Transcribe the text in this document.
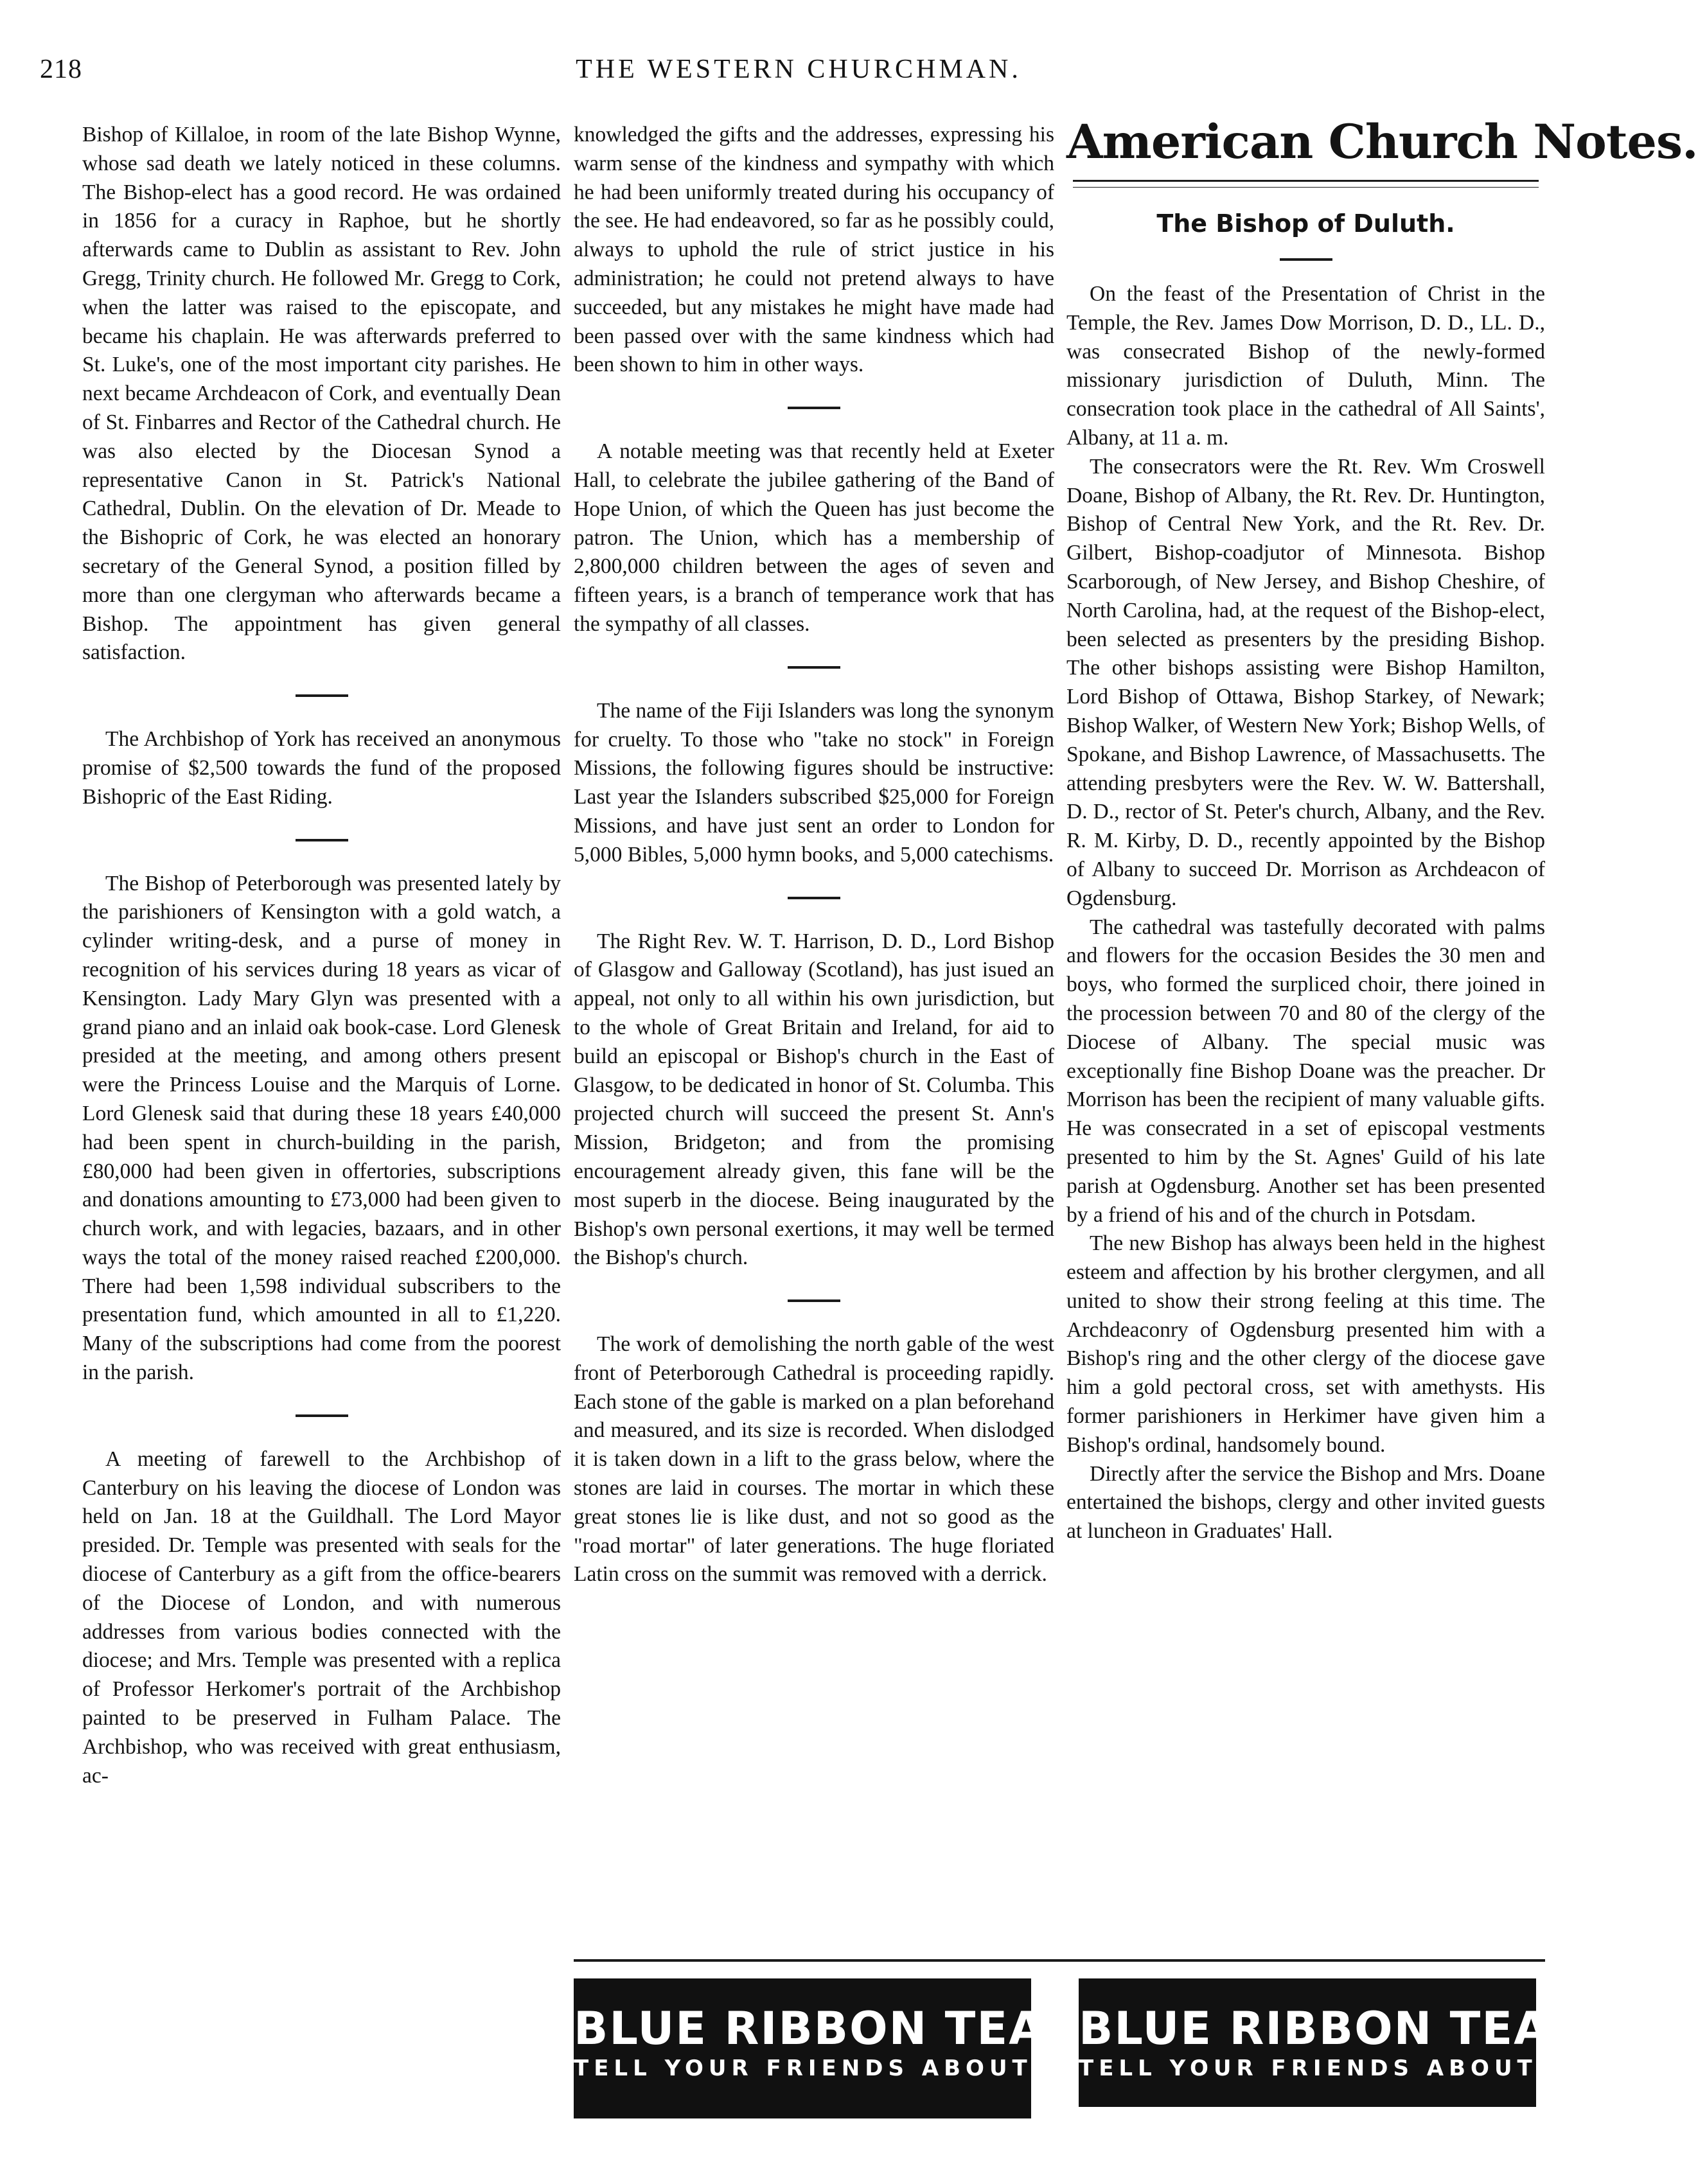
218	THE WESTERN CHURCHMAN.

Bishop of Killaloe, in room of the late Bishop Wynne, whose sad death we lately noticed in these columns. The Bishop-elect has a good record. He was ordained in 1856 for a curacy in Raphoe, but he shortly afterwards came to Dublin as assistant to Rev. John Gregg, Trinity church. He followed Mr. Gregg to Cork, when the latter was raised to the episcopate, and became his chaplain. He was afterwards preferred to St. Luke's, one of the most important city parishes. He next became Archdeacon of Cork, and eventually Dean of St. Finbarres and Rector of the Cathedral church. He was also elected by the Diocesan Synod a representative Canon in St. Patrick's National Cathedral, Dublin. On the elevation of Dr. Meade to the Bishopric of Cork, he was elected an honorary secretary of the General Synod, a position filled by more than one clergyman who afterwards became a Bishop. The appointment has given general satisfaction.

The Archbishop of York has received an anonymous promise of $2,500 towards the fund of the proposed Bishopric of the East Riding.

The Bishop of Peterborough was presented lately by the parishioners of Kensington with a gold watch, a cylinder writing-desk, and a purse of money in recognition of his services during 18 years as vicar of Kensington. Lady Mary Glyn was presented with a grand piano and an inlaid oak book-case. Lord Glenesk presided at the meeting, and among others present were the Princess Louise and the Marquis of Lorne. Lord Glenesk said that during these 18 years £40,000 had been spent in church-building in the parish, £80,000 had been given in offertories, subscriptions and donations amounting to £73,000 had been given to church work, and with legacies, bazaars, and in other ways the total of the money raised reached £200,000. There had been 1,598 individual subscribers to the presentation fund, which amounted in all to £1,220. Many of the subscriptions had come from the poorest in the parish.

A meeting of farewell to the Archbishop of Canterbury on his leaving the diocese of London was held on Jan. 18 at the Guildhall. The Lord Mayor presided. Dr. Temple was presented with seals for the diocese of Canterbury as a gift from the office-bearers of the Diocese of London, and with numerous addresses from various bodies connected with the diocese; and Mrs. Temple was presented with a replica of Professor Herkomer's portrait of the Archbishop painted to be preserved in Fulham Palace. The Archbishop, who was received with great enthusiasm, ac-

knowledged the gifts and the addresses, expressing his warm sense of the kindness and sympathy with which he had been uniformly treated during his occupancy of the see. He had endeavored, so far as he possibly could, always to uphold the rule of strict justice in his administration; he could not pretend always to have succeeded, but any mistakes he might have made had been passed over with the same kindness which had been shown to him in other ways.

A notable meeting was that recently held at Exeter Hall, to celebrate the jubilee gathering of the Band of Hope Union, of which the Queen has just become the patron. The Union, which has a membership of 2,800,000 children between the ages of seven and fifteen years, is a branch of temperance work that has the sympathy of all classes.

The name of the Fiji Islanders was long the synonym for cruelty. To those who "take no stock" in Foreign Missions, the following figures should be instructive: Last year the Islanders subscribed $25,000 for Foreign Missions, and have just sent an order to London for 5,000 Bibles, 5,000 hymn books, and 5,000 catechisms.

The Right Rev. W. T. Harrison, D. D., Lord Bishop of Glasgow and Galloway (Scotland), has just isued an appeal, not only to all within his own jurisdiction, but to the whole of Great Britain and Ireland, for aid to build an episcopal or Bishop's church in the East of Glasgow, to be dedicated in honor of St. Columba. This projected church will succeed the present St. Ann's Mission, Bridgeton; and from the promising encouragement already given, this fane will be the most superb in the diocese. Being inaugurated by the Bishop's own personal exertions, it may well be termed the Bishop's church.

The work of demolishing the north gable of the west front of Peterborough Cathedral is proceeding rapidly. Each stone of the gable is marked on a plan beforehand and measured, and its size is recorded. When dislodged it is taken down in a lift to the grass below, where the stones are laid in courses. The mortar in which these great stones lie is like dust, and not so good as the "road mortar" of later generations. The huge floriated Latin cross on the summit was removed with a derrick.

American Church Notes.
The Bishop of Duluth.

On the feast of the Presentation of Christ in the Temple, the Rev. James Dow Morrison, D. D., LL. D., was consecrated Bishop of the newly-formed missionary jurisdiction of Duluth, Minn. The consecration took place in the cathedral of All Saints', Albany, at 11 a. m.

The consecrators were the Rt. Rev. Wm Croswell Doane, Bishop of Albany, the Rt. Rev. Dr. Huntington, Bishop of Central New York, and the Rt. Rev. Dr. Gilbert, Bishop-coadjutor of Minnesota. Bishop Scarborough, of New Jersey, and Bishop Cheshire, of North Carolina, had, at the request of the Bishop-elect, been selected as presenters by the presiding Bishop. The other bishops assisting were Bishop Hamilton, Lord Bishop of Ottawa, Bishop Starkey, of Newark; Bishop Walker, of Western New York; Bishop Wells, of Spokane, and Bishop Lawrence, of Massachusetts. The attending presbyters were the Rev. W. W. Battershall, D. D., rector of St. Peter's church, Albany, and the Rev. R. M. Kirby, D. D., recently appointed by the Bishop of Albany to succeed Dr. Morrison as Archdeacon of Ogdensburg.

The cathedral was tastefully decorated with palms and flowers for the occasion Besides the 30 men and boys, who formed the surpliced choir, there joined in the procession between 70 and 80 of the clergy of the Diocese of Albany. The special music was exceptionally fine Bishop Doane was the preacher. Dr Morrison has been the recipient of many valuable gifts. He was consecrated in a set of episcopal vestments presented to him by the St. Agnes' Guild of his late parish at Ogdensburg. Another set has been presented by a friend of his and of the church in Potsdam.

The new Bishop has always been held in the highest esteem and affection by his brother clergymen, and all united to show their strong feeling at this time. The Archdeaconry of Ogdensburg presented him with a Bishop's ring and the other clergy of the diocese gave him a gold pectoral cross, set with amethysts. His former parishioners in Herkimer have given him a Bishop's ordinal, handsomely bound.

Directly after the service the Bishop and Mrs. Doane entertained the bishops, clergy and other invited guests at luncheon in Graduates' Hall.

BLUE RIBBON TEA
TELL YOUR FRIENDS ABOUT IT
BLUE RIBBON TEA
TELL YOUR FRIENDS ABOUT IT
